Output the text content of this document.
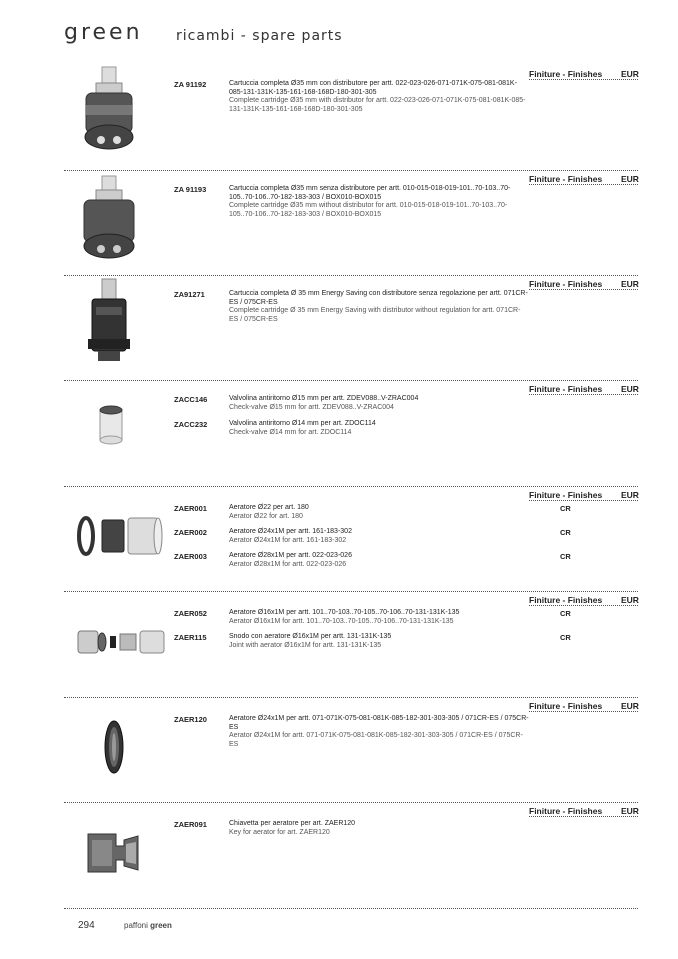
green ricambi - spare parts
Finiture - Finishes EUR
ZA 91192	Cartuccia completa Ø35 mm con distributore per artt. 022-023-026-071-071K-075-081-081K-085-131-131K-135-161-168-168D-180-301-305
Complete cartridge Ø35 mm with distributor for artt. 022-023-026-071-071K-075-081-081K-085-131-131K-135-161-168-168D-180-301-305
Finiture - Finishes EUR
ZA 91193	Cartuccia completa Ø35 mm senza distributore per artt. 010-015-018-019-101..70-103..70-105..70-106..70-182-183-303 / BOX010-BOX015
Complete cartridge Ø35 mm without distributor for artt. 010-015-018-019-101..70-103..70-105..70-106..70-182-183-303 / BOX010-BOX015
Finiture - Finishes EUR
ZA91271	Cartuccia completa Ø 35 mm Energy Saving con distributore senza regolazione per artt. 071CR-ES / 075CR-ES
Complete cartridge Ø 35 mm Energy Saving with distributor without regulation for artt. 071CR-ES / 075CR-ES
Finiture - Finishes EUR
ZACC146	Valvolina antiritorno Ø15 mm per artt. ZDEV088..V-ZRAC004
Check-valve Ø15 mm for artt. ZDEV088..V-ZRAC004
ZACC232	Valvolina antiritorno Ø14 mm per art. ZDOC114
Check-valve Ø14 mm for art. ZDOC114
Finiture - Finishes EUR
ZAER001	Aeratore Ø22 per art. 180
Aerator Ø22 for art. 180
CR
ZAER002	Aeratore Ø24x1M per artt. 161-183-302
Aerator Ø24x1M for artt. 161-183-302
CR
ZAER003	Aeratore Ø28x1M per artt. 022-023-026
Aerator Ø28x1M for artt. 022-023-026
CR
Finiture - Finishes EUR
ZAER052	Aeratore Ø16x1M per artt. 101..70-103..70-105..70-106..70-131-131K-135
Aerator Ø16x1M for artt. 101..70-103..70-105..70-106..70-131-131K-135
CR
ZAER115	Snodo con aeratore Ø16x1M per artt. 131-131K-135
Joint with aerator Ø16x1M for artt. 131-131K-135
CR
Finiture - Finishes EUR
ZAER120	Aeratore Ø24x1M per artt. 071-071K-075-081-081K-085-182-301-303-305 / 071CR-ES / 075CR-ES
Aerator Ø24x1M for artt. 071-071K-075-081-081K-085-182-301-303-305 / 071CR-ES / 075CR-ES
Finiture - Finishes EUR
ZAER091	Chiavetta per aeratore per art. ZAER120
Key for aerator for art. ZAER120
294	paffoni green
